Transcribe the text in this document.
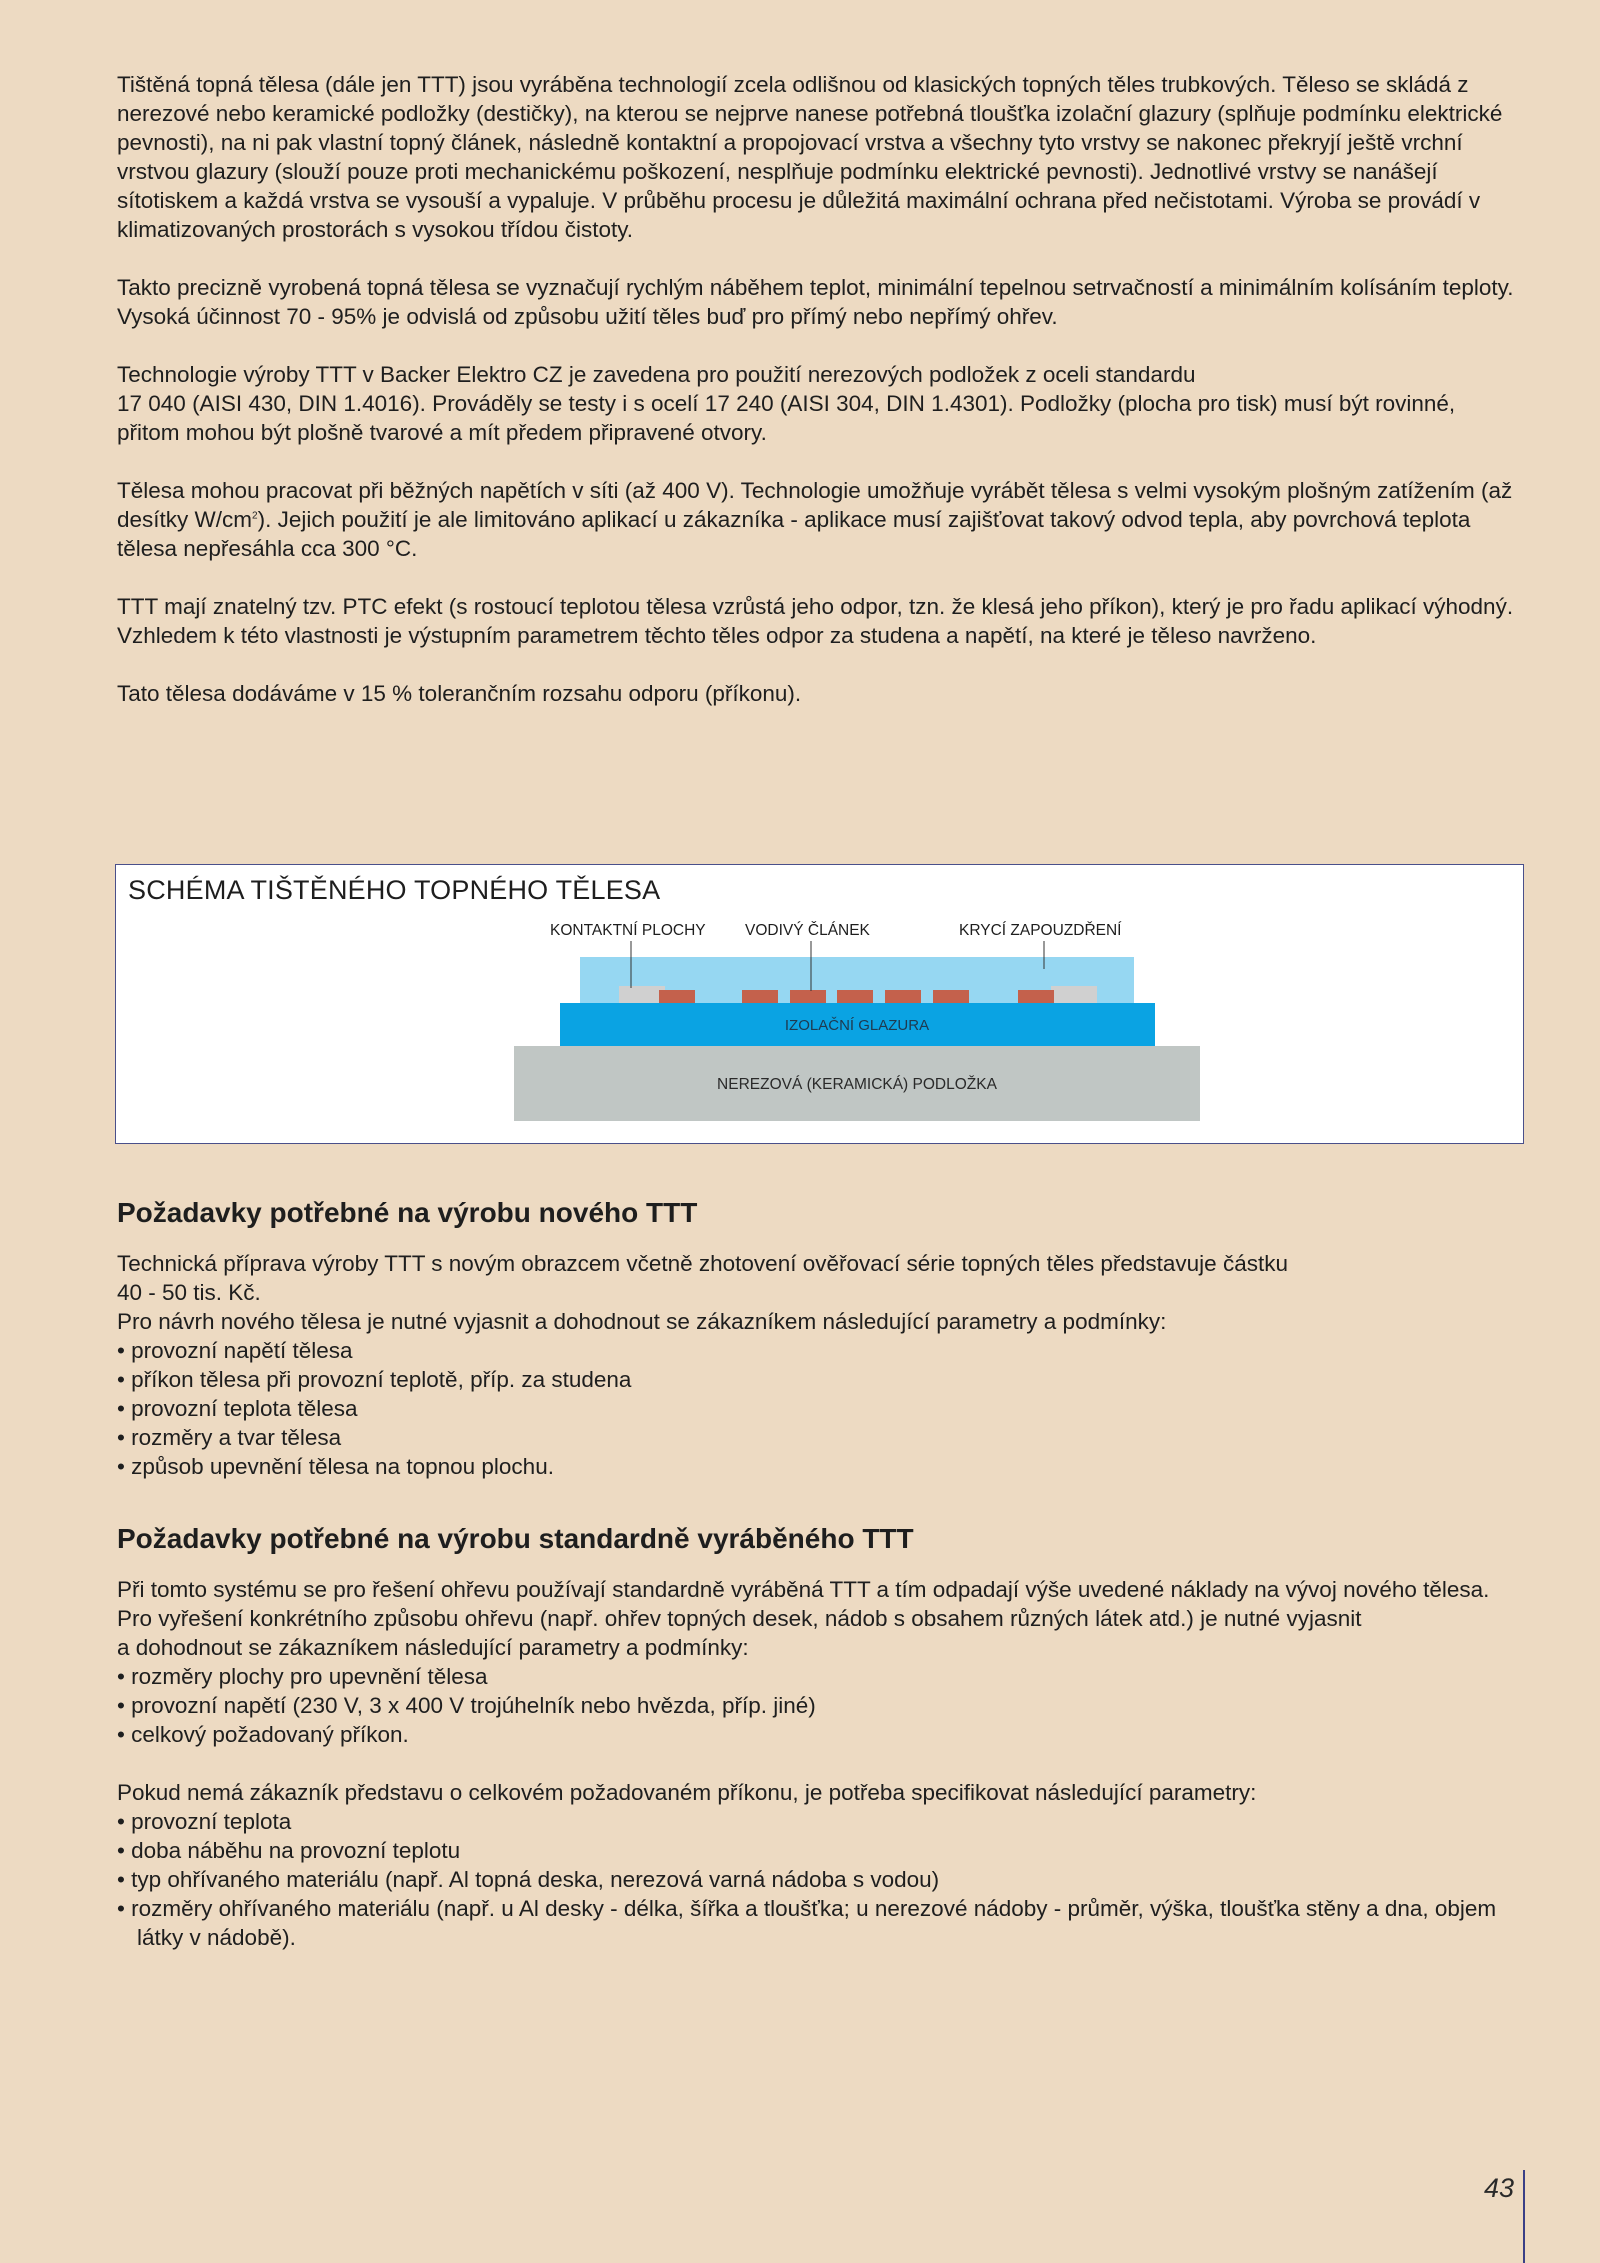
Tištěná topná tělesa (dále jen TTT) jsou vyráběna technologií zcela odlišnou od klasických topných těles trubkových. Těleso se skládá z nerezové nebo keramické podložky (destičky), na kterou se nejprve nanese potřebná tloušťka izolační glazury (splňuje podmínku elektrické pevnosti), na ni pak vlastní topný článek, následně kontaktní a propojovací vrstva a všechny tyto vrstvy se nakonec překryjí ještě vrchní vrstvou glazury (slouží pouze proti mechanickému poškození, nesplňuje podmínku elektrické pevnosti). Jednotlivé vrstvy se nanášejí sítotiskem a každá vrstva se vysouší a vypaluje. V průběhu procesu je důležitá maximální ochrana před nečistotami. Výroba se provádí v klimatizovaných prostorách s vysokou třídou čistoty.

Takto precizně vyrobená topná tělesa se vyznačují rychlým náběhem teplot, minimální tepelnou setrvačností a minimálním kolísáním teploty. Vysoká účinnost 70 - 95% je odvislá od způsobu užití těles buď pro přímý nebo nepřímý ohřev.

Technologie výroby TTT v Backer Elektro CZ je zavedena pro použití nerezových podložek z oceli standardu
17 040 (AISI 430, DIN 1.4016). Prováděly se testy i s ocelí 17 240 (AISI 304, DIN 1.4301). Podložky (plocha pro tisk) musí být rovinné, přitom mohou být plošně tvarové a mít předem připravené otvory.

Tělesa mohou pracovat při běžných napětích v síti (až 400 V). Technologie umožňuje vyrábět tělesa s velmi vysokým plošným zatížením (až desítky $W/cm^2$). Jejich použití je ale limitováno aplikací u zákazníka - aplikace musí zajišťovat takový odvod tepla, aby povrchová teplota tělesa nepřesáhla cca 300 °C.

TTT mají znatelný tzv. PTC efekt (s rostoucí teplotou tělesa vzrůstá jeho odpor, tzn. že klesá jeho příkon), který je pro řadu aplikací výhodný. Vzhledem k této vlastnosti je výstupním parametrem těchto těles odpor za studena a napětí, na které je těleso navrženo.

Tato tělesa dodáváme v 15 % tolerančním rozsahu odporu (příkonu).

SCHÉMA TIŠTĚNÉHO TOPNÉHO TĚLESA
KONTAKTNÍ PLOCHY	VODIVÝ ČLÁNEK	KRYCÍ ZAPOUZDŘENÍ
IZOLAČNÍ GLAZURA
NEREZOVÁ (KERAMICKÁ) PODLOŽKA
Požadavky potřebné na výrobu nového TTT

Technická příprava výroby TTT s novým obrazcem včetně zhotovení ověřovací série topných těles představuje částku
40 - 50 tis. Kč.
Pro návrh nového tělesa je nutné vyjasnit a dohodnout se zákazníkem následující parametry a podmínky:
• provozní napětí tělesa
• příkon tělesa při provozní teplotě, příp. za studena
• provozní teplota tělesa
• rozměry a tvar tělesa
• způsob upevnění tělesa na topnou plochu.

Požadavky potřebné na výrobu standardně vyráběného TTT

Při tomto systému se pro řešení ohřevu používají standardně vyráběná TTT a tím odpadají výše uvedené náklady na vývoj nového tělesa.
Pro vyřešení konkrétního způsobu ohřevu (např. ohřev topných desek, nádob s obsahem různých látek atd.) je nutné vyjasnit
a dohodnout se zákazníkem následující parametry a podmínky:
• rozměry plochy pro upevnění tělesa
• provozní napětí (230 V, 3 x 400 V trojúhelník nebo hvězda, příp. jiné)
• celkový požadovaný příkon.

Pokud nemá zákazník představu o celkovém požadovaném příkonu, je potřeba specifikovat následující parametry:
• provozní teplota
• doba náběhu na provozní teplotu
• typ ohřívaného materiálu (např. Al topná deska, nerezová varná nádoba s vodou)
• rozměry ohřívaného materiálu (např. u Al desky - délka, šířka a tloušťka; u nerezové nádoby - průměr, výška, tloušťka stěny a dna, objem látky v nádobě).

43
